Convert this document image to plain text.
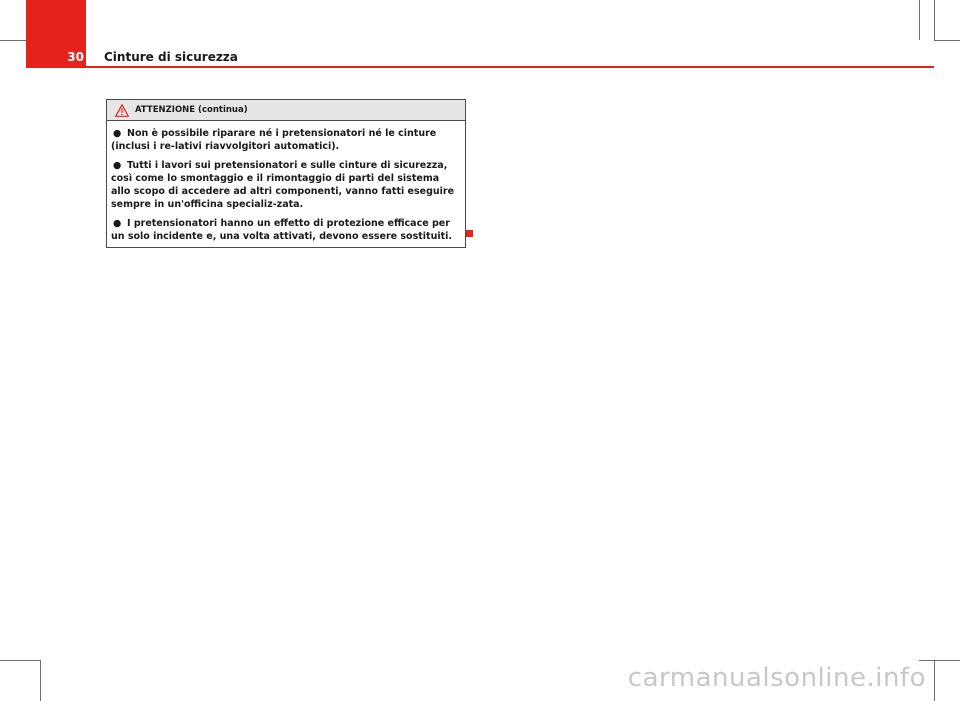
30 Cinture di sicurezza
ATTENZIONE (continua)
● Non è possibile riparare né i pretensionatori né le cinture (inclusi i re-lativi riavvolgitori automatici).
● Tutti i lavori sui pretensionatori e sulle cinture di sicurezza, così come lo smontaggio e il rimontaggio di parti del sistema allo scopo di accedere ad altri componenti, vanno fatti eseguire sempre in un'officina specializ-zata.
● I pretensionatori hanno un effetto di protezione efficace per un solo incidente e, una volta attivati, devono essere sostituiti.
carmanualsonline.info
